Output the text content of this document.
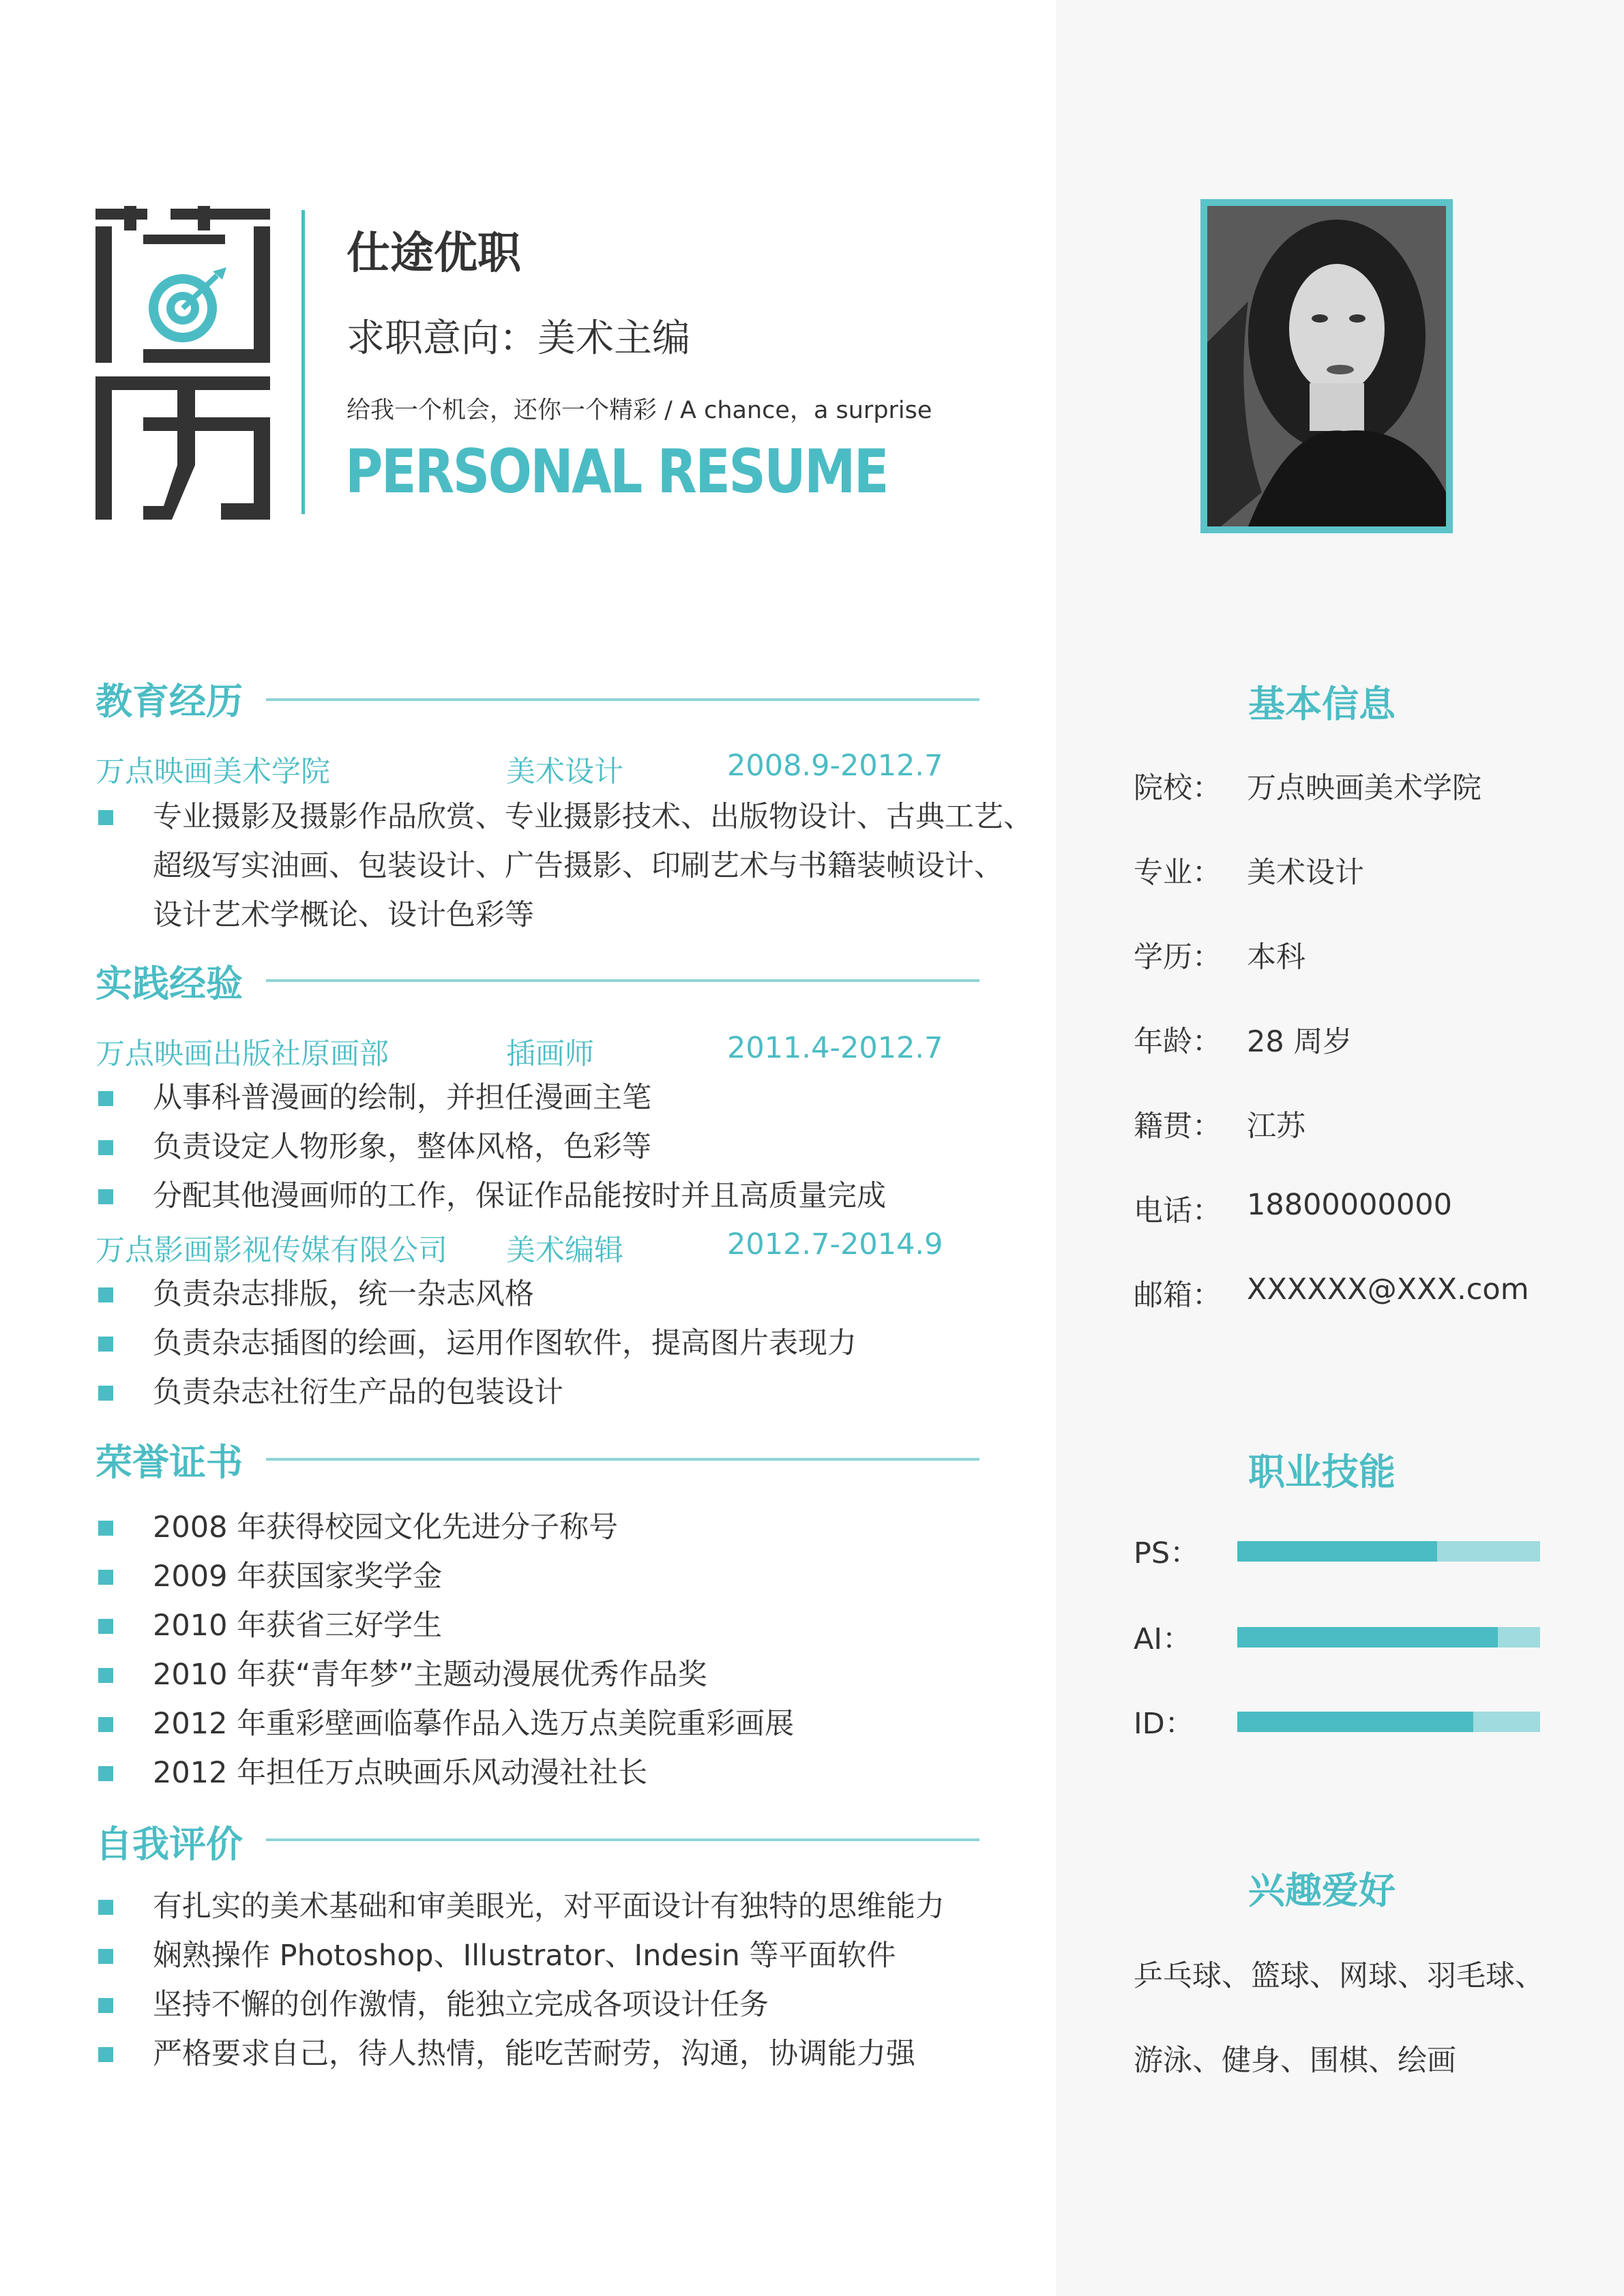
仕途优职
求职意向：美术主编
给我一个机会，还你一个精彩 / A chance，a surprise
PERSONAL RESUME
教育经历
万点映画美术学院	美术设计	2008.9-2012.7
专业摄影及摄影作品欣赏、专业摄影技术、出版物设计、古典工艺、
超级写实油画、包装设计、广告摄影、印刷艺术与书籍装帧设计、
设计艺术学概论、设计色彩等
实践经验
万点映画出版社原画部	插画师	2011.4-2012.7
从事科普漫画的绘制，并担任漫画主笔
负责设定人物形象，整体风格，色彩等
分配其他漫画师的工作，保证作品能按时并且高质量完成
万点影画影视传媒有限公司 美术编辑	2012.7-2014.9
负责杂志排版，统一杂志风格
负责杂志插图的绘画，运用作图软件，提高图片表现力
负责杂志社衍生产品的包装设计
荣誉证书
2008 年获得校园文化先进分子称号
2009 年获国家奖学金
2010 年获省三好学生
2010 年获“青年梦”主题动漫展优秀作品奖
2012 年重彩壁画临摹作品入选万点美院重彩画展
2012 年担任万点映画乐风动漫社社长
自我评价
有扎实的美术基础和审美眼光，对平面设计有独特的思维能力
娴熟操作 Photoshop、Illustrator、Indesin 等平面软件
坚持不懈的创作激情，能独立完成各项设计任务
严格要求自己，待人热情，能吃苦耐劳，沟通，协调能力强
基本信息
院校： 万点映画美术学院
专业： 美术设计
学历： 本科
年龄： 28 周岁
籍贯： 江苏
电话： 18800000000
邮箱： XXXXXX@XXX.com
职业技能
PS：
AI：
ID：
兴趣爱好
乒乓球、篮球、网球、羽毛球、
游泳、健身、围棋、绘画
